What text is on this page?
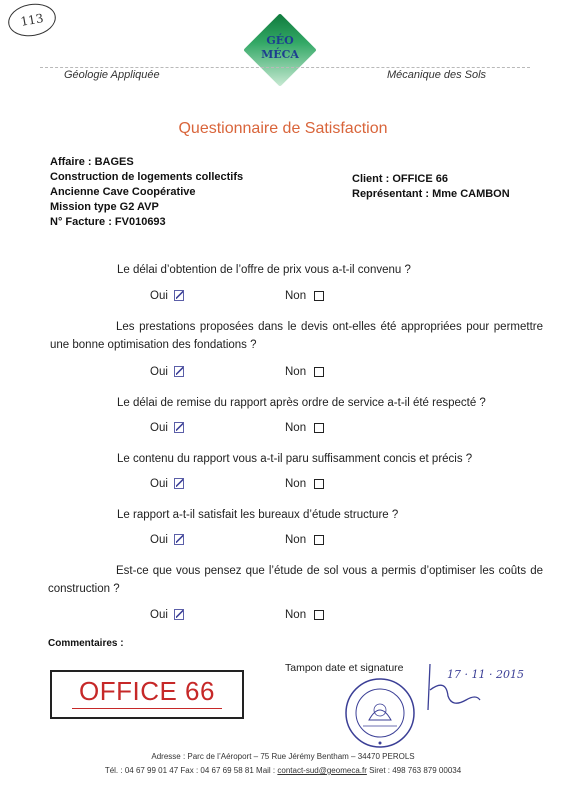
113
GÉO
MÉCA
Géologie Appliquée	Mécanique des Sols
Questionnaire de Satisfaction
Affaire : BAGES
Construction de logements collectifs
Ancienne Cave Coopérative
Mission type G2 AVP
N° Facture : FV010693
Client : OFFICE 66
Représentant : Mme CAMBON
Le délai d’obtention de l’offre de prix vous a-t-il convenu ?
Oui	Non
Les prestations proposées dans le devis ont-elles été appropriées pour permettre une bonne optimisation des fondations ?
Oui	Non
Le délai de remise du rapport après ordre de service a-t-il été respecté ?
Oui	Non
Le contenu du rapport vous a-t-il paru suffisamment concis et précis ?
Oui	Non
Le rapport a-t-il satisfait les bureaux d’étude structure ?
Oui	Non
Est-ce que vous pensez que l’étude de sol vous a permis d’optimiser les coûts de construction ?
Oui	Non
Commentaires :
Tampon date et signature
OFFICE 66
17 · 11 · 2015
Adresse : Parc de l’Aéroport – 75 Rue Jérémy Bentham – 34470 PEROLS
Tél. : 04 67 99 01 47 Fax : 04 67 69 58 81 Mail : contact-sud@geomeca.fr Siret : 498 763 879 00034
